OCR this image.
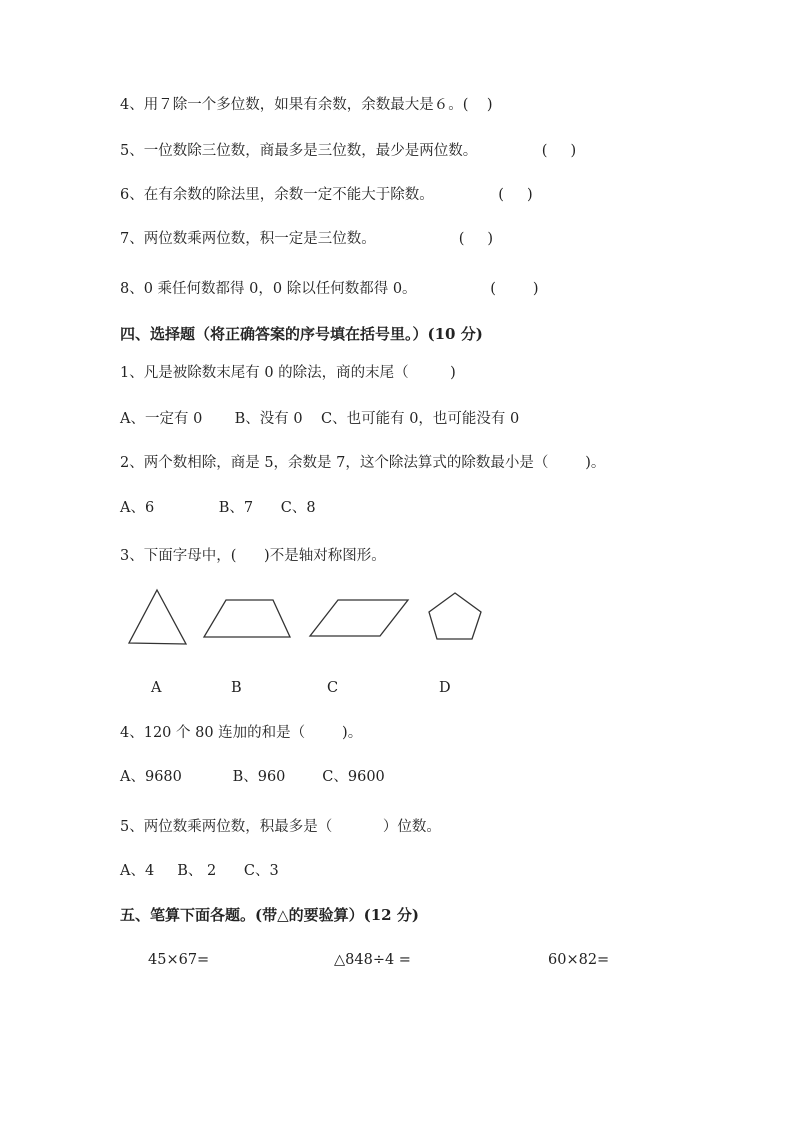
4、用７除一个多位数，如果有余数，余数最大是６。(    )
5、一位数除三位数，商最多是三位数，最少是两位数。              (     )
6、在有余数的除法里，余数一定不能大于除数。              (     )
7、两位数乘两位数，积一定是三位数。                  (     )
8、0 乘任何数都得 0，0 除以任何数都得 0。                (        )
四、选择题（将正确答案的序号填在括号里。）(10 分)
1、凡是被除数末尾有 0 的除法，商的末尾（         )
A、一定有 0       B、没有 0    C、也可能有 0，也可能没有 0
2、两个数相除，商是 5，余数是 7，这个除法算式的除数最小是（        )。
A、6              B、7      C、8
3、下面字母中，(      )不是轴对称图形。
A	B	C	D
4、120 个 80 连加的和是（        )。
A、9680           B、960        C、9600
5、两位数乘两位数，积最多是（           ）位数。
A、4     B、 2      C、3
五、笔算下面各题。(带△的要验算）(12 分)
45×67=	△848÷4 =	60×82=
